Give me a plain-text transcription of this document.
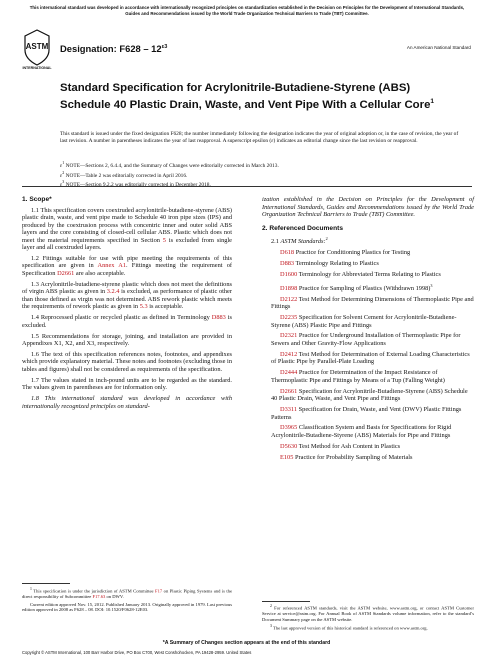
This international standard was developed in accordance with internationally recognized principles on standardization established in the Decision on Principles for the Development of International Standards, Guides and Recommendations issued by the World Trade Organization Technical Barriers to Trade (TBT) Committee.
ASTM
INTERNATIONAL
Designation: $F628 - 12^{\varepsilon 3}$	An American National Standard
Standard Specification for Acrylonitrile-Butadiene-Styrene (ABS) Schedule 40 Plastic Drain, Waste, and Vent Pipe With a Cellular Core$^1$
This standard is issued under the fixed designation F628; the number immediately following the designation indicates the year of original adoption or, in the case of revision, the year of last revision. A number in parentheses indicates the year of last reapproval. A superscript epsilon (ε) indicates an editorial change since the last revision or reapproval.
$\varepsilon^1$ NOTE—Sections 2, 6.4.4, and the Summary of Changes were editorially corrected in March 2013.
$\varepsilon^2$ NOTE—Table 2 was editorially corrected in April 2016.
$\varepsilon^3$ NOTE—Section 9.2.2 was editorially corrected in December 2018.
1. Scope*

1.1 This specification covers coextruded acrylonitrile-butadiene-styrene (ABS) plastic drain, waste, and vent pipe made to Schedule 40 iron pipe sizes (IPS) and produced by the coextrusion process with concentric inner and outer solid ABS layers and the core consisting of closed-cell cellular ABS. Plastic which does not meet the material requirements specified in Section 5 is excluded from single layer and all coextruded layers.

1.2 Fittings suitable for use with pipe meeting the requirements of this specification are given in Annex A1. Fittings meeting the requirement of Specification D2661 are also acceptable.

1.3 Acrylonitrile-butadiene-styrene plastic which does not meet the definitions of virgin ABS plastic as given in 3.2.4 is excluded, as performance of plastic other than those defined as virgin was not determined. ABS rework plastic which meets the requirements of rework plastic as given in 5.3 is acceptable.

1.4 Reprocessed plastic or recycled plastic as defined in Terminology D883 is excluded.

1.5 Recommendations for storage, joining, and installation are provided in Appendixes X1, X2, and X3, respectively.

1.6 The text of this specification references notes, footnotes, and appendixes which provide explanatory material. These notes and footnotes (excluding those in tables and figures) shall not be considered as requirements of the specification.

1.7 The values stated in inch-pound units are to be regarded as the standard. The values given in parentheses are for information only.

1.8 This international standard was developed in accordance with internationally recognized principles on standard-

$^1$ This specification is under the jurisdiction of ASTM Committee F17 on Plastic Piping Systems and is the direct responsibility of Subcommittee F17.63 on DWV.

Current edition approved Nov. 15, 2012. Published January 2013. Originally approved in 1979. Last previous edition approved in 2008 as F628 – 08. DOI: 10.1520/F0628-12E03.

ization established in the Decision on Principles for the Development of International Standards, Guides and Recommendations issued by the World Trade Organization Technical Barriers to Trade (TBT) Committee.

2. Referenced Documents

2.1 ASTM Standards:$^2$

D618 Practice for Conditioning Plastics for Testing

D883 Terminology Relating to Plastics

D1600 Terminology for Abbreviated Terms Relating to Plastics

D1898 Practice for Sampling of Plastics (Withdrawn 1998)$^3$

D2122 Test Method for Determining Dimensions of Thermoplastic Pipe and Fittings

D2235 Specification for Solvent Cement for Acrylonitrile-Butadiene-Styrene (ABS) Plastic Pipe and Fittings

D2321 Practice for Underground Installation of Thermoplastic Pipe for Sewers and Other Gravity-Flow Applications

D2412 Test Method for Determination of External Loading Characteristics of Plastic Pipe by Parallel-Plate Loading

D2444 Practice for Determination of the Impact Resistance of Thermoplastic Pipe and Fittings by Means of a Tup (Falling Weight)

D2661 Specification for Acrylonitrile-Butadiene-Styrene (ABS) Schedule 40 Plastic Drain, Waste, and Vent Pipe and Fittings

D3311 Specification for Drain, Waste, and Vent (DWV) Plastic Fittings Patterns

D3965 Classification System and Basis for Specifications for Rigid Acrylonitrile-Butadiene-Styrene (ABS) Materials for Pipe and Fittings

D5630 Test Method for Ash Content in Plastics

E105 Practice for Probability Sampling of Materials

$^2$ For referenced ASTM standards, visit the ASTM website, www.astm.org, or contact ASTM Customer Service at service@astm.org. For Annual Book of ASTM Standards volume information, refer to the standard’s Document Summary page on the ASTM website.

$^3$ The last approved version of this historical standard is referenced on www.astm.org.

*A Summary of Changes section appears at the end of this standard
Copyright © ASTM International, 100 Barr Harbor Drive, PO Box C700, West Conshohocken, PA 19428-2959. United States
